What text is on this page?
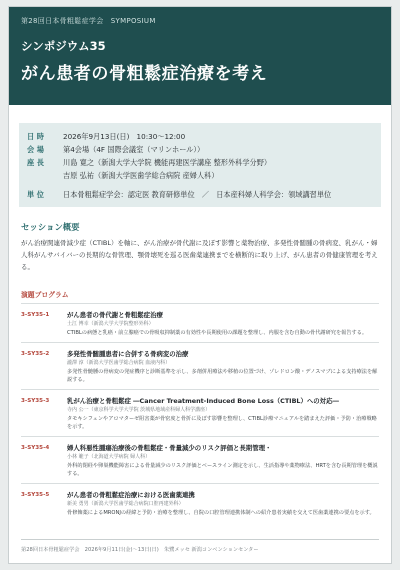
第28回日本骨粗鬆症学会　SYMPOSIUM
シンポジウム35
がん患者の骨粗鬆症治療を考え
日 時	2026年9月13日(日)　10:30～12:00
会 場	第4会場（4F 国際会議室（マリンホール））
座 長	川島 寛之（新潟大学大学院 機能再建医学講座 整形外科学分野）
吉原 弘祐（新潟大学医歯学総合病院 産婦人科）
単 位	日本骨粗鬆症学会：認定医 教育研修単位　／　日本産科婦人科学会：領域講習単位
セッション概要
がん治療関連骨減少症（CTIBL）を軸に、がん治療が骨代謝に及ぼす影響と薬物治療、多発性骨髄腫の骨病変、乳がん・婦人科がんサバイバーの長期的な骨管理、顎骨壊死を巡る医歯薬連携までを横断的に取り上げ、がん患者の骨健康管理を考える。
演題プログラム
3-SY35-1	がん患者の骨代謝と骨粗鬆症治療
土江 博幸（新潟大学大学院整形外科）
CTIBLの病態と乳癌・前立腺癌での骨吸収抑制薬の有効性や長期使用の課題を整理し、内服を含む自動の骨代謝研究を報告する。
3-SY35-2	多発性骨髄腫患者に合併する骨病変の治療
瀧澤 淳（新潟大学医歯学総合病院 血液内科）
多発性骨髄腫の骨病変の発症機序と診断基準を示し、多剤併用療法や移植の位置づけ、ゾレドロン酸・デノスマブによる支持療法を解説する。
3-SY35-3	乳がん治療と骨粗鬆症 ―Cancer Treatment-Induced Bone Loss（CTIBL）への対応―
寺内 公一（東京科学大学大学院 茨城県地域産科婦人科学講座）
タモキシフェンやアロマターゼ阻害薬が骨密度と骨折に及ぼす影響を整理し、CTIBL診療マニュアルを踏まえた評価・予防・治療戦略を示す。
3-SY35-4	婦人科悪性腫瘍治療後の骨粗鬆症・骨量減少のリスク評価と長期管理・
小林 範子（北海道大学病院 婦人科）
外科的閉経や卵巣機能障害による骨量減少のリスク評価とベースライン測定を示し、生活指導や薬物療法、HRTを含む長期管理を概説する。
3-SY35-5	がん患者の骨粗鬆症治療における医歯薬連携
新美 勇男（新潟大学医歯学総合病院口腔再建外科）
骨修飾薬によるMRONJの経緯と予防・治療を整理し、自院の口腔管理連携体制への紹介患者実績を交えて医歯薬連携の要点を示す。
第28回日本骨粗鬆症学会　2026年9月11日(金)～13日(日)　朱鷺メッセ 新潟コンベンションセンター
